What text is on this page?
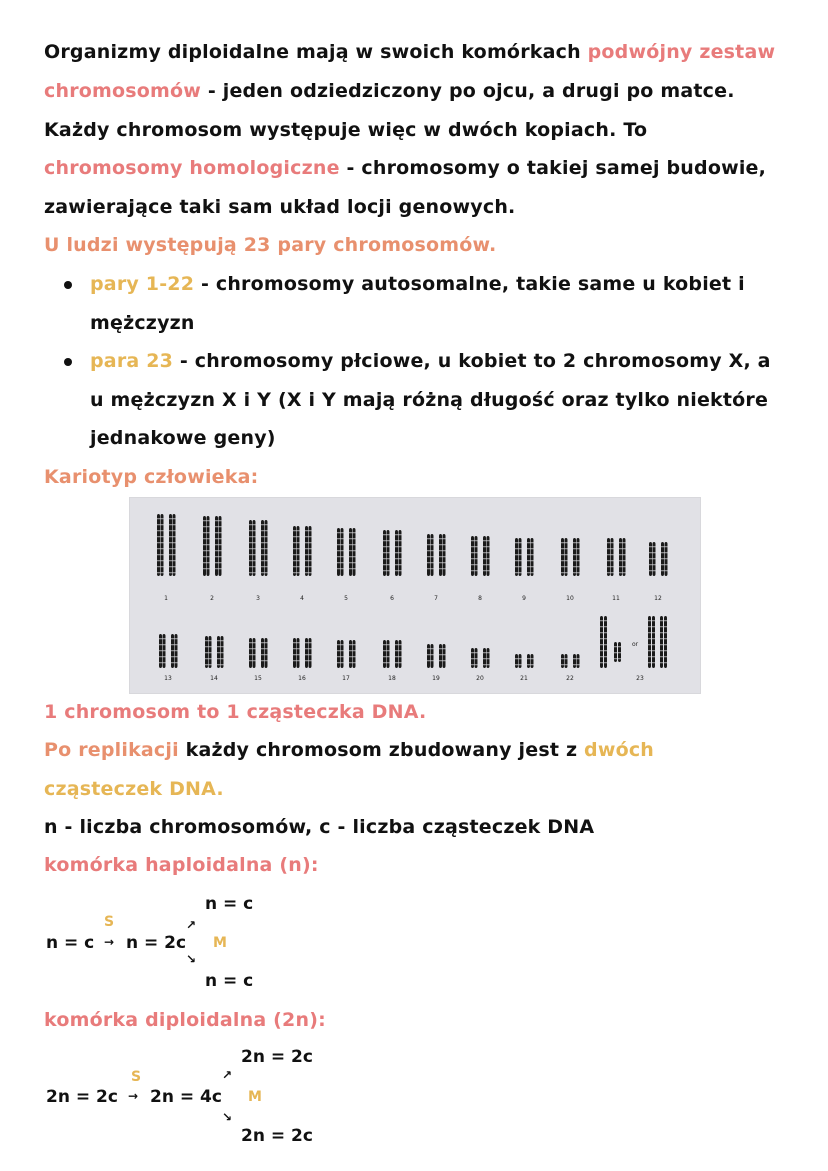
Organizmy diploidalne mają w swoich komórkach podwójny zestaw
chromosomów - jeden odziedziczony po ojcu, a drugi po matce.
Każdy chromosom występuje więc w dwóch kopiach. To
chromosomy homologiczne - chromosomy o takiej samej budowie,
zawierające taki sam układ locji genowych.
U ludzi występują 23 pary chromosomów.
pary 1-22 - chromosomy autosomalne, takie same u kobiet i
mężczyzn
para 23 - chromosomy płciowe, u kobiet to 2 chromosomy X, a
u mężczyzn X i Y (X i Y mają różną długość oraz tylko niektóre
jednakowe geny)
Kariotyp człowieka:
1	2	3	4	5	6	7	8	9	10	11	12
13	14	15	16	17	18	19	20	21	22
or
23
1 chromosom to 1 cząsteczka DNA.
Po replikacji każdy chromosom zbudowany jest z dwóch
cząsteczek DNA.
n - liczba chromosomów, c - liczba cząsteczek DNA
komórka haploidalna (n):
n = c
S
n = c → n = 2c
↗
M
↘
n = c
komórka diploidalna (2n):
2n = 2c
S
2n = 2c → 2n = 4c
↗
M
↘
2n = 2c
